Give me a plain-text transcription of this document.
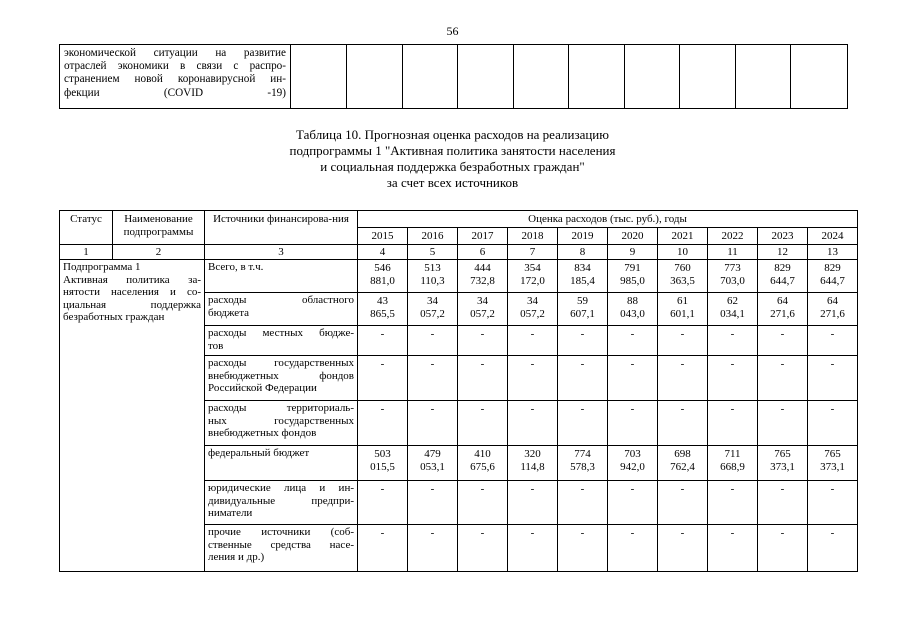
56
экономической ситуации на развитие
отраслей экономики в связи с распро-
странением новой коронавирусной ин-
фекции (COVID -19)

Таблица 10. Прогнозная оценка расходов на реализацию
подпрограммы 1 "Активная политика занятости населения
и социальная поддержка безработных граждан"
за счет всех источников
Статус	Наименование подпрограммы	Источники финансирова-ния	Оценка расходов (тыс. руб.), годы									
			2015	2016	2017	2018	2019	2020	2021	2022	2023	2024
1	2	3	4	5	6	7	8	9	10	11	12	13

Подпрограмма 1
Активная политика за-
нятости населения и со-
циальная поддержка
безработных граждан		Всего, в т.ч.	546
881,0	513
110,3	444
732,8	354
172,0	834
185,4	791
985,0	760
363,5	773
703,0	829
644,7	829
644,7

		расходы областного
бюджета	43
865,5	34
057,2	34
057,2	34
057,2	59
607,1	88
043,0	61
601,1	62
034,1	64
271,6	64
271,6

		расходы местных бюдже-
тов	-	-	-	-	-	-	-	-	-	-

		расходы государственных
внебюджетных фондов
Российской Федерации	-	-	-	-	-	-	-	-	-	-

		расходы территориаль-
ных государственных
внебюджетных фондов	-	-	-	-	-	-	-	-	-	-

		федеральный бюджет	503
015,5	479
053,1	410
675,6	320
114,8	774
578,3	703
942,0	698
762,4	711
668,9	765
373,1	765
373,1

		юридические лица и ин-
дивидуальные предпри-
ниматели	-	-	-	-	-	-	-	-	-	-

		прочие источники (соб-
ственные средства насе-
ления и др.)	-	-	-	-	-	-	-	-	-	-
